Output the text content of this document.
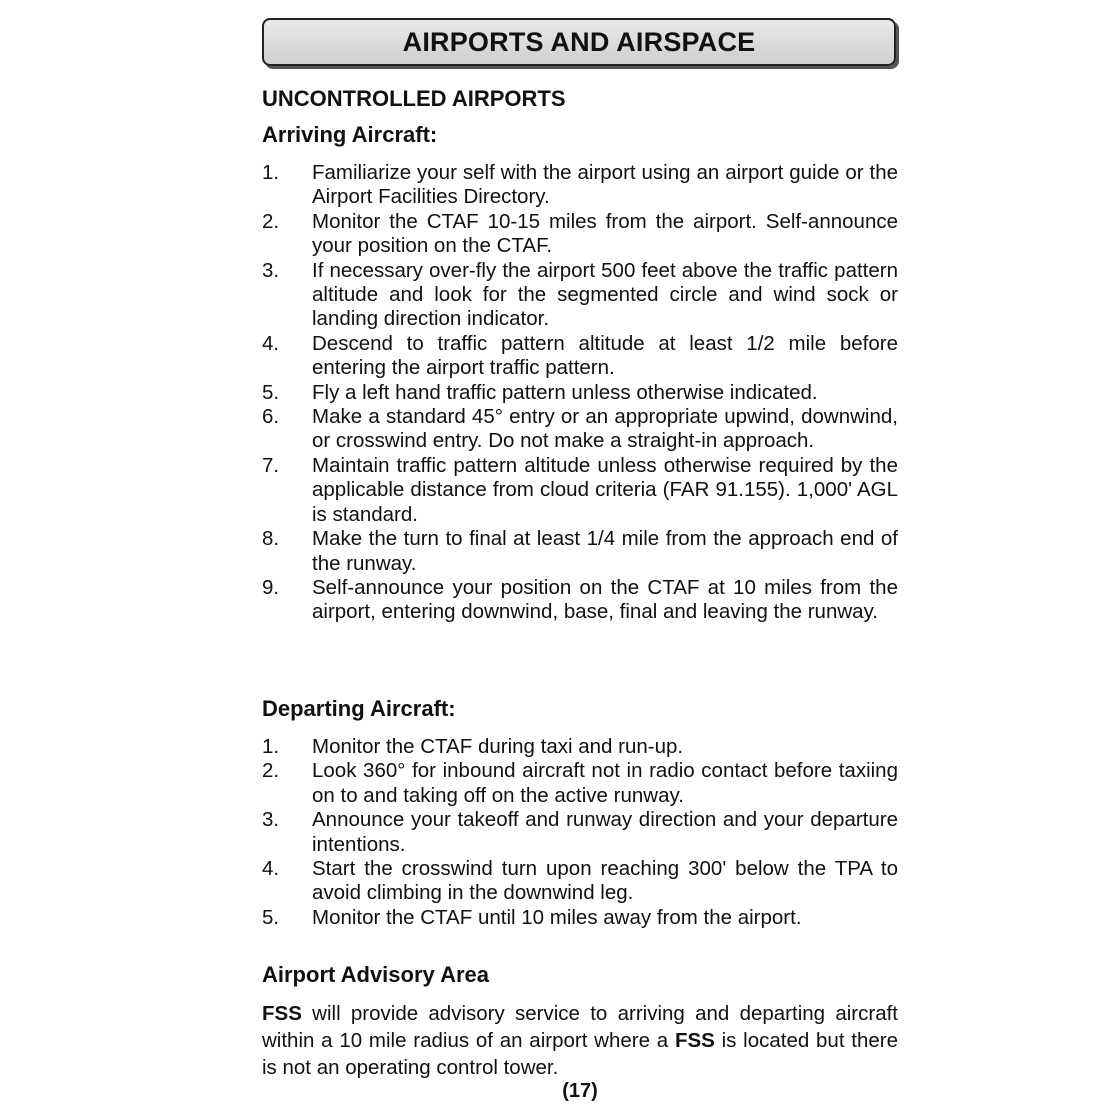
AIRPORTS AND AIRSPACE
UNCONTROLLED AIRPORTS
Arriving Aircraft:
1. Familiarize your self with the airport using an airport guide or the Airport Facilities Directory.
2. Monitor the CTAF 10-15 miles from the airport. Self-announce your position on the CTAF.
3. If necessary over-fly the airport 500 feet above the traffic pattern altitude and look for the segmented circle and wind sock or landing direction indicator.
4. Descend to traffic pattern altitude at least 1/2 mile before entering the airport traffic pattern.
5. Fly a left hand traffic pattern unless otherwise indicated.
6. Make a standard 45° entry or an appropriate upwind, downwind, or crosswind entry. Do not make a straight-in approach.
7. Maintain traffic pattern altitude unless otherwise required by the applicable distance from cloud criteria (FAR 91.155). 1,000' AGL is standard.
8. Make the turn to final at least 1/4 mile from the approach end of the runway.
9. Self-announce your position on the CTAF at 10 miles from the airport, entering downwind, base, final and leaving the runway.
Departing Aircraft:
1. Monitor the CTAF during taxi and run-up.
2. Look 360° for inbound aircraft not in radio contact before taxiing on to and taking off on the active runway.
3. Announce your takeoff and runway direction and your departure intentions.
4. Start the crosswind turn upon reaching 300' below the TPA to avoid climbing in the downwind leg.
5. Monitor the CTAF until 10 miles away from the airport.
Airport Advisory Area

FSS will provide advisory service to arriving and departing aircraft within a 10 mile radius of an airport where a FSS is located but there is not an operating control tower.

(17)
